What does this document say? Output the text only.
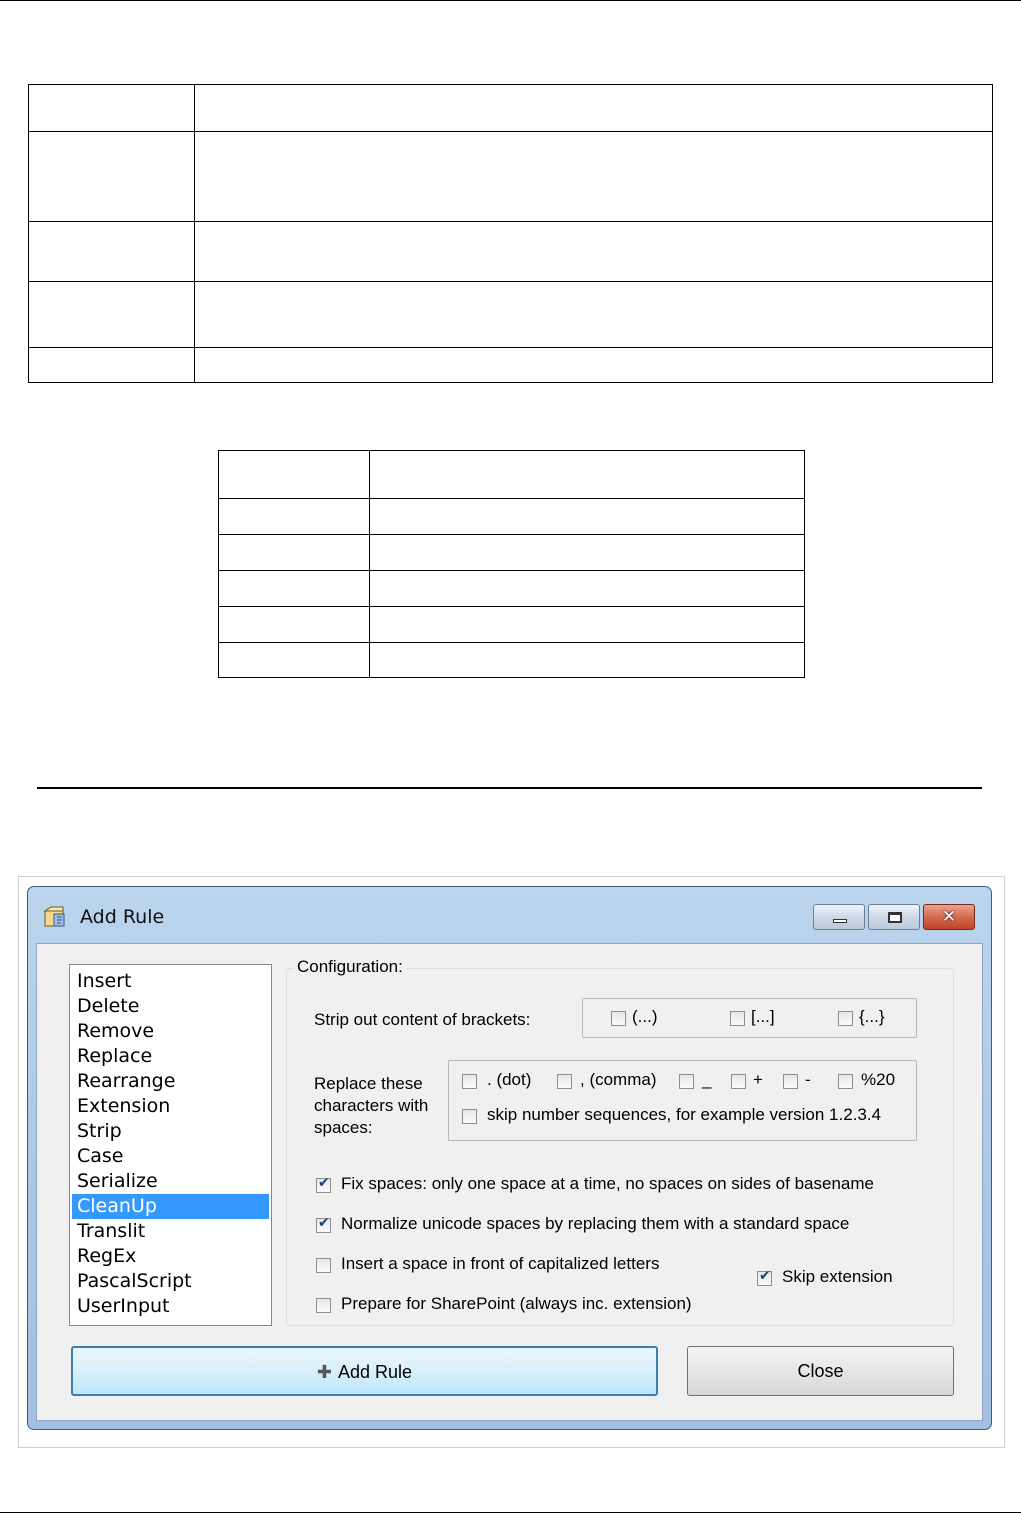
Add Rule	✕
Insert
Delete
Remove
Replace
Rearrange
Extension
Strip
Case
Serialize
CleanUp
Translit
RegEx
PascalScript
UserInput
Configuration:
Strip out content of brackets:	(...)	[...]	{...}
Replace these
characters with
spaces:
. (dot)	, (comma)	_ + -	%20
skip number sequences, for example version 1.2.3.4
✔
Fix spaces: only one space at a time, no spaces on sides of basename
✔
Normalize unicode spaces by replacing them with a standard space
Insert a space in front of capitalized letters
✔
Skip extension
Prepare for SharePoint (always inc. extension)
✚ Add Rule	Close
